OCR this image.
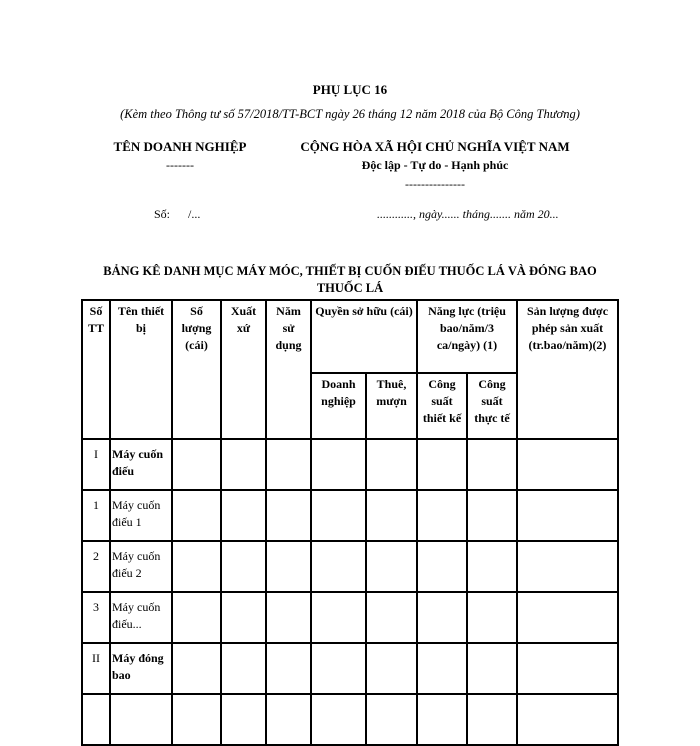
PHỤ LỤC 16
(Kèm theo Thông tư số 57/2018/TT-BCT ngày 26 tháng 12 năm 2018 của Bộ Công Thương)
TÊN DOANH NGHIỆP
-------
CỘNG HÒA XÃ HỘI CHỦ NGHĨA VIỆT NAM
Độc lập - Tự do - Hạnh phúc
---------------
Số:      /...	............, ngày...... tháng....... năm 20...
BẢNG KÊ DANH MỤC MÁY MÓC, THIẾT BỊ CUỐN ĐIẾU THUỐC LÁ VÀ ĐÓNG BAO THUỐC LÁ
Số TT	Tên thiết bị	Số lượng (cái)	Xuất xứ	Năm sử dụng	Quyền sở hữu (cái)		Năng lực (triệu bao/năm/3 ca/ngày) (1)		Sản lượng được phép sản xuất (tr.bao/năm)(2)
					Doanh nghiệp	Thuê, mượn	Công suất thiết kế	Công suất thực tế	
I	Máy cuốn điếu								
1	Máy cuốn điếu 1								
2	Máy cuốn điếu 2								
3	Máy cuốn điếu...								
II	Máy đóng bao								
